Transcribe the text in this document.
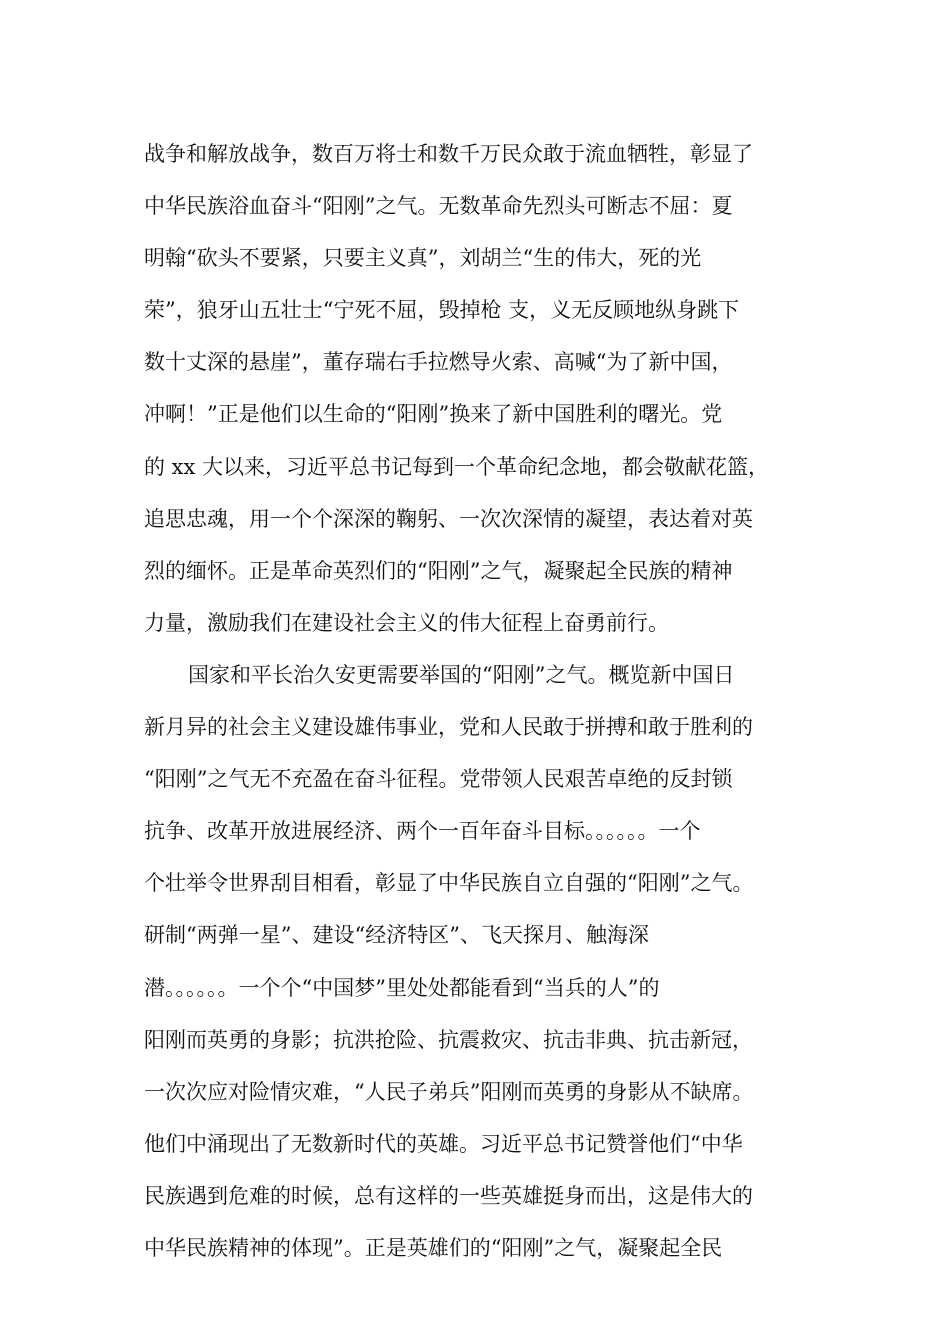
战争和解放战争，数百万将士和数千万民众敢于流血牺牲，彰显了
中华民族浴血奋斗“阳刚”之气。无数革命先烈头可断志不屈：夏
明翰“砍头不要紧，只要主义真”，刘胡兰“生的伟大，死的光
荣”，狼牙山五壮士“宁死不屈，毁掉枪 支，义无反顾地纵身跳下
数十丈深的悬崖”，董存瑞右手拉燃导火索、高喊“为了新中国，
冲啊！”正是他们以生命的“阳刚”换来了新中国胜利的曙光。党
的 xx 大以来，习近平总书记每到一个革命纪念地，都会敬献花篮，
追思忠魂，用一个个深深的鞠躬、一次次深情的凝望，表达着对英
烈的缅怀。正是革命英烈们的“阳刚”之气，凝聚起全民族的精神
力量，激励我们在建设社会主义的伟大征程上奋勇前行。
国家和平长治久安更需要举国的“阳刚”之气。概览新中国日
新月异的社会主义建设雄伟事业，党和人民敢于拼搏和敢于胜利的
“阳刚”之气无不充盈在奋斗征程。党带领人民艰苦卓绝的反封锁
抗争、改革开放进展经济、两个一百年奋斗目标。。。。。。一个
个壮举令世界刮目相看，彰显了中华民族自立自强的“阳刚”之气。
研制“两弹一星”、建设“经济特区”、飞天探月、触海深
潜。。。。。。一个个“中国梦”里处处都能看到“当兵的人”的
阳刚而英勇的身影；抗洪抢险、抗震救灾、抗击非典、抗击新冠，
一次次应对险情灾难，“人民子弟兵”阳刚而英勇的身影从不缺席。
他们中涌现出了无数新时代的英雄。习近平总书记赞誉他们“中华
民族遇到危难的时候，总有这样的一些英雄挺身而出，这是伟大的
中华民族精神的体现”。正是英雄们的“阳刚”之气，凝聚起全民
